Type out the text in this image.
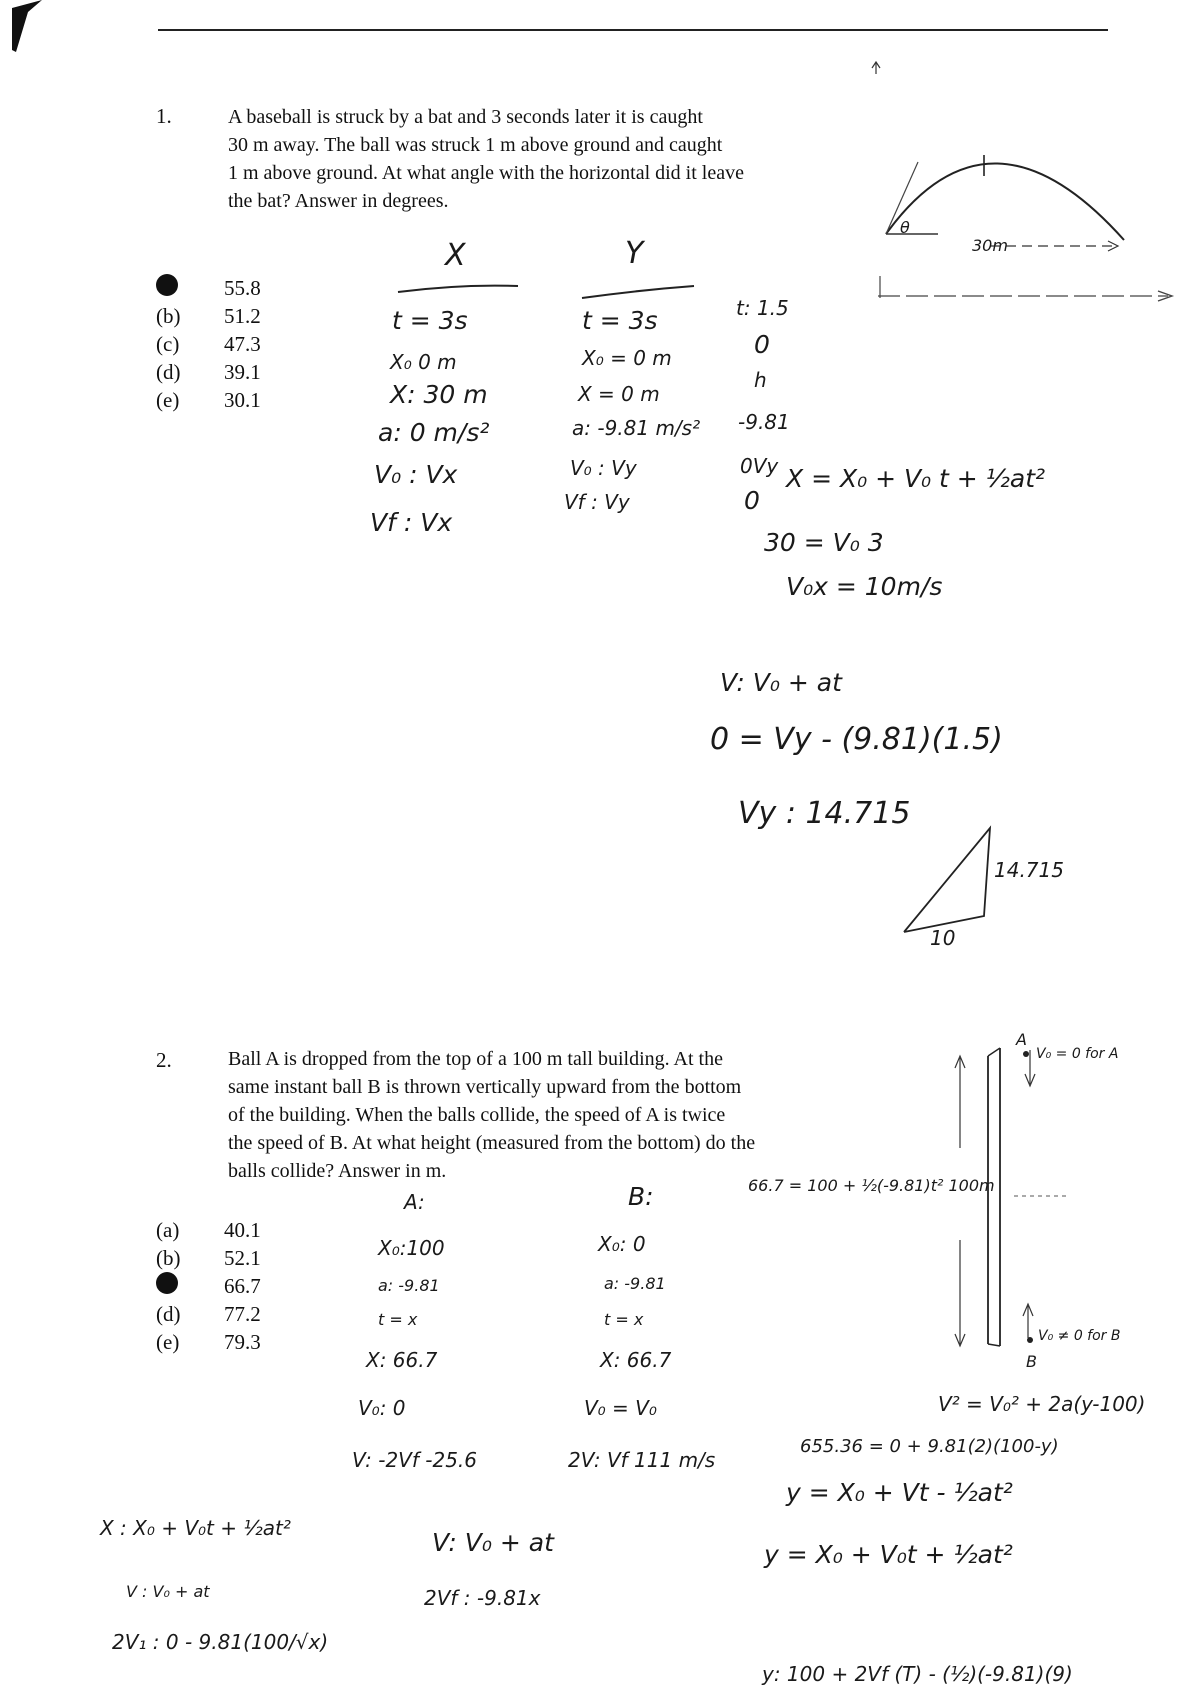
1.	A baseball is struck by a bat and 3 seconds later it is caught
30 m away. The ball was struck 1 m above ground and caught
1 m above ground. At what angle with the horizontal did it leave
the bat? Answer in degrees.
55.8
(b)	51.2
(c)	47.3
(d)	39.1
(e)	30.1
X	Y
t = 3s
X₀ 0 m
X: 30 m
a: 0 m/s²
V₀ : Vx
Vf : Vx
t = 3s
X₀ = 0 m
X = 0 m
a: -9.81 m/s²
V₀ : Vy
Vf : Vy
t: 1.5
0
h
-9.81
0Vy
0
X = X₀ + V₀ t + ½at²
30 = V₀ 3
V₀x = 10m/s
V: V₀ + at
0 = Vy - (9.81)(1.5)
Vy : 14.715
θ
30m
14.715
10
2.	Ball A is dropped from the top of a 100 m tall building. At the
same instant ball B is thrown vertically upward from the bottom
of the building. When the balls collide, the speed of A is twice
the speed of B. At what height (measured from the bottom) do the
balls collide? Answer in m.
(a)	40.1
(b)	52.1
66.7
(d)	77.2
(e)	79.3
A:
X₀:100
a: -9.81
t = x
X: 66.7
V₀: 0
V: -2Vf -25.6
B:
X₀: 0
a: -9.81
t = x
X: 66.7
V₀ = V₀
2V: Vf 111 m/s
66.7 = 100 + ½(-9.81)t² 100m
A
V₀ = 0 for A
B
V₀ ≠ 0 for B
V² = V₀² + 2a(y-100)
655.36 = 0 + 9.81(2)(100-y)
y = X₀ + Vt - ½at²
y = X₀ + V₀t + ½at²
y: 100 + 2Vf (T) - (½)(-9.81)(9)
X : X₀ + V₀t + ½at²
V : V₀ + at
2V₁ : 0 - 9.81(100/√x)
V: V₀ + at
2Vf : -9.81x
